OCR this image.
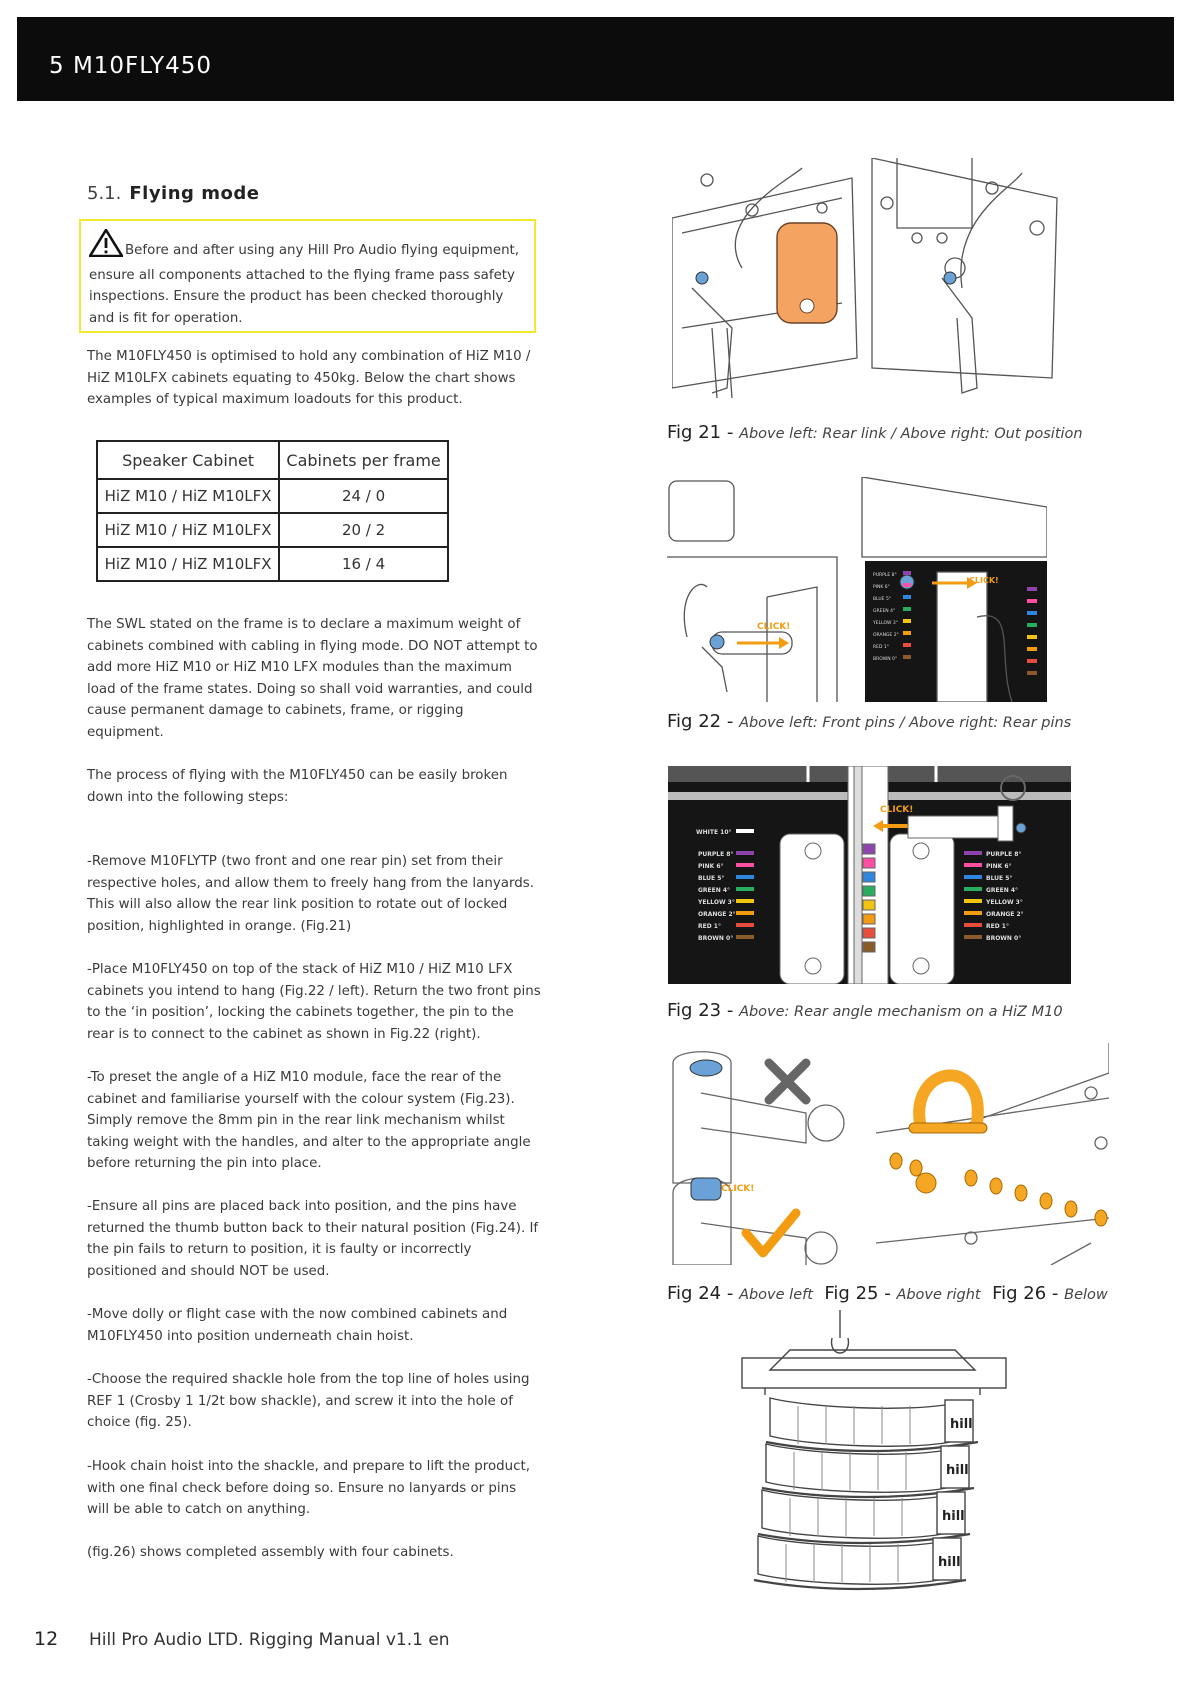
5 M10FLY450
5.1. Flying mode
Before and after using any Hill Pro Audio flying equipment, ensure all components attached to the flying frame pass safety inspections. Ensure the product has been checked thoroughly and is fit for operation.
The M10FLY450 is optimised to hold any combination of HiZ M10 / HiZ M10LFX cabinets equating to 450kg. Below the chart shows examples of typical maximum loadouts for this product.
Speaker Cabinet	Cabinets per frame
HiZ M10 / HiZ M10LFX	24 / 0
HiZ M10 / HiZ M10LFX	20 / 2
HiZ M10 / HiZ M10LFX	16 / 4
The SWL stated on the frame is to declare a maximum weight of cabinets combined with cabling in flying mode. DO NOT attempt to add more HiZ M10 or HiZ M10 LFX modules than the maximum load of the frame states. Doing so shall void warranties, and could cause permanent damage to cabinets, frame, or rigging equipment.
The process of flying with the M10FLY450 can be easily broken down into the following steps:
-Remove M10FLYTP (two front and one rear pin) set from their respective holes, and allow them to freely hang from the lanyards. This will also allow the rear link position to rotate out of locked position, highlighted in orange. (Fig.21)
-Place M10FLY450 on top of the stack of HiZ M10 / HiZ M10 LFX cabinets you intend to hang (Fig.22 / left). Return the two front pins to the ‘in position’, locking the cabinets together, the pin to the rear is to connect to the cabinet as shown in Fig.22 (right).
-To preset the angle of a HiZ M10 module, face the rear of the cabinet and familiarise yourself with the colour system (Fig.23). Simply remove the 8mm pin in the rear link mechanism whilst taking weight with the handles, and alter to the appropriate angle before returning the pin into place.
-Ensure all pins are placed back into position, and the pins have returned the thumb button back to their natural position (Fig.24). If the pin fails to return to position, it is faulty or incorrectly positioned and should NOT be used.
-Move dolly or flight case with the now combined cabinets and M10FLY450 into position underneath chain hoist.
-Choose the required shackle hole from the top line of holes using REF 1 (Crosby 1 1/2t bow shackle), and screw it into the hole of choice (fig. 25).
-Hook chain hoist into the shackle, and prepare to lift the product, with one final check before doing so. Ensure no lanyards or pins will be able to catch on anything.
(fig.26) shows completed assembly with four cabinets.
Fig 21 - Above left: Rear link / Above right: Out position
CLICK!
CLICK!
PURPLE 8°
PINK 6°
BLUE 5°
GREEN 4°
YELLOW 3°
ORANGE 2°
RED 1°
BROWN 0°
Fig 22 - Above left: Front pins / Above right: Rear pins
CLICK!
WHITE 10°
PURPLE 8°
PINK 6°
BLUE 5°
GREEN 4°
YELLOW 3°
ORANGE 2°
RED 1°
BROWN 0°
PURPLE 8°
PINK 6°
BLUE 5°
GREEN 4°
YELLOW 3°
ORANGE 2°
RED 1°
BROWN 0°
Fig 23 - Above: Rear angle mechanism on a HiZ M10
CLICK!
Fig 24 - Above left Fig 25 - Above right Fig 26 - Below
hill
hill
hill
hill
12 Hill Pro Audio LTD. Rigging Manual v1.1 en
